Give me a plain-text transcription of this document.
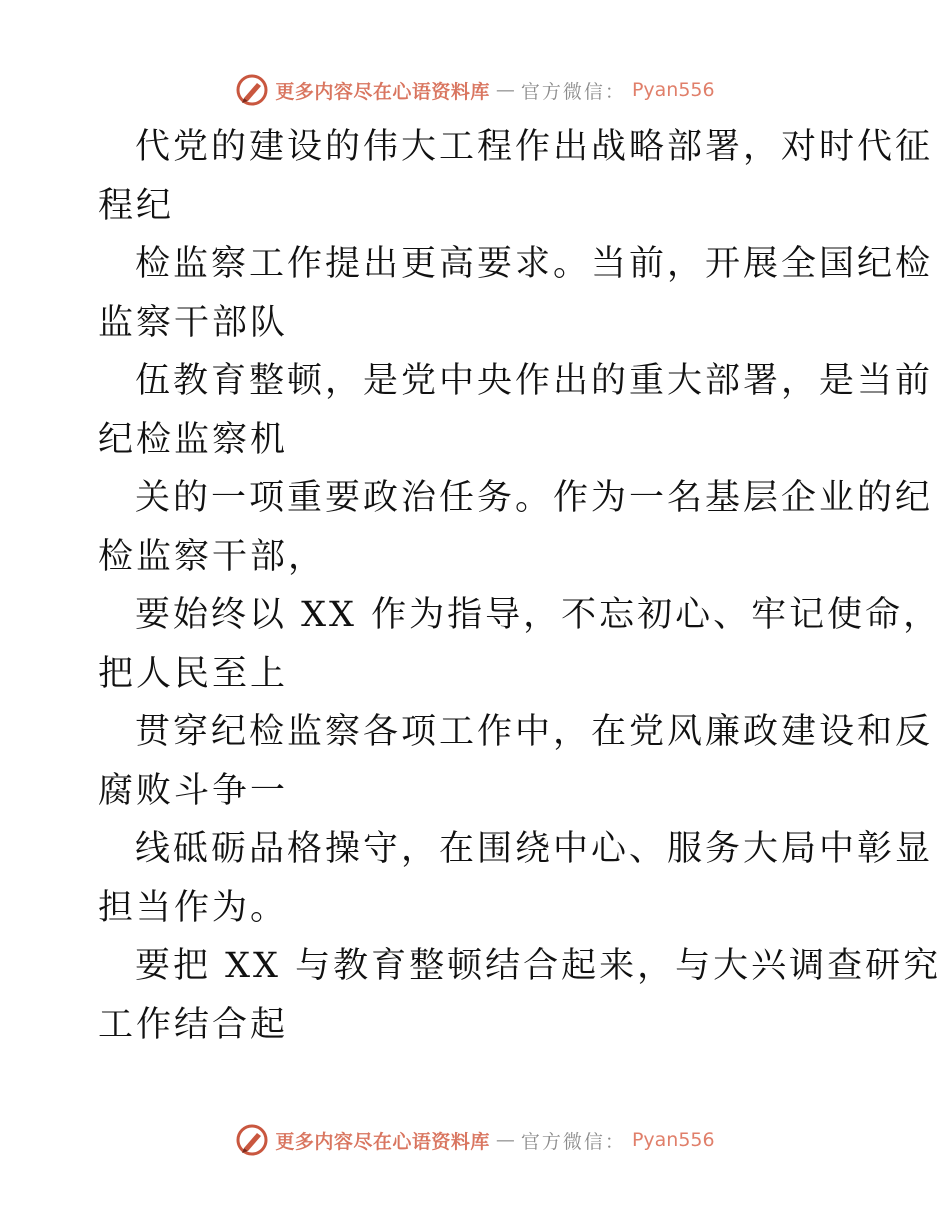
更多内容尽在心语资料库 — 官方微信： Pyan556
代党的建设的伟大工程作出战略部署，对时代征
程纪
检监察工作提出更高要求。当前，开展全国纪检
监察干部队
伍教育整顿，是党中央作出的重大部署，是当前
纪检监察机
关的一项重要政治任务。作为一名基层企业的纪
检监察干部，
要始终以 XX 作为指导，不忘初心、牢记使命，
把人民至上
贯穿纪检监察各项工作中，在党风廉政建设和反
腐败斗争一
线砥砺品格操守，在围绕中心、服务大局中彰显
担当作为。
要把 XX 与教育整顿结合起来，与大兴调查研究
工作结合起
更多内容尽在心语资料库 — 官方微信： Pyan556
